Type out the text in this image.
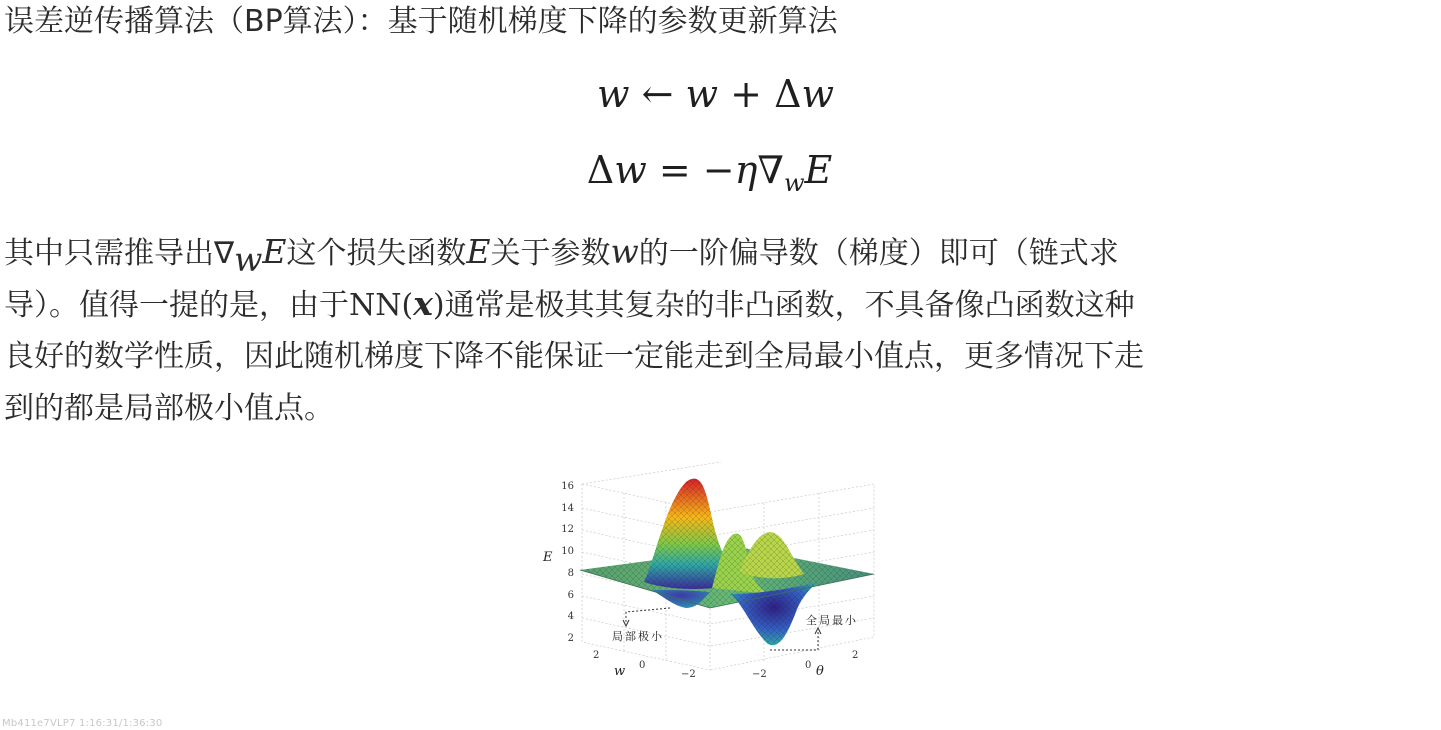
误差逆传播算法（BP算法）：基于随机梯度下降的参数更新算法
w ← w + Δw
$\Delta w = -\eta\nabla_wE$
其中只需推导出$\nabla_wE$这个损失函数E关于参数w的一阶偏导数（梯度）即可（链式求
导）。值得一提的是，由于NN(x)通常是极其其复杂的非凸函数，不具备像凸函数这种
良好的数学性质，因此随机梯度下降不能保证一定能走到全局最小值点，更多情况下走
到的都是局部极小值点。
16
14
12
10
8
6
4
2
E
2
0
−2
w	−2
0
2
θ
局部极小
全局最小
Mb411e7VLP7 1:16:31/1:36:30
